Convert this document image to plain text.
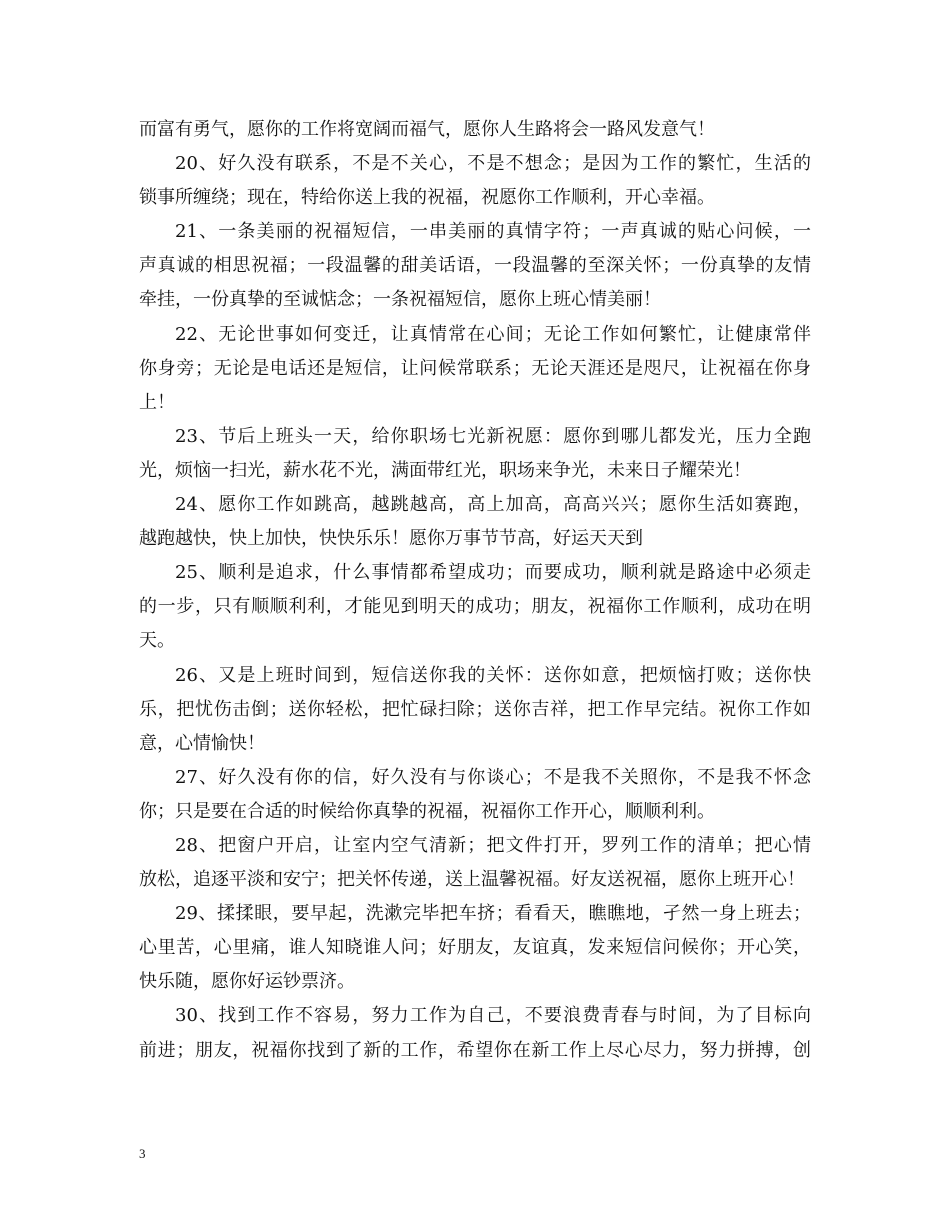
而富有勇气，愿你的工作将宽阔而福气，愿你人生路将会一路风发意气！
20、好久没有联系，不是不关心，不是不想念；是因为工作的繁忙，生活的
锁事所缠绕；现在，特给你送上我的祝福，祝愿你工作顺利，开心幸福。
21、一条美丽的祝福短信，一串美丽的真情字符；一声真诚的贴心问候，一
声真诚的相思祝福；一段温馨的甜美话语，一段温馨的至深关怀；一份真挚的友情
牵挂，一份真挚的至诚惦念；一条祝福短信，愿你上班心情美丽！
22、无论世事如何变迁，让真情常在心间；无论工作如何繁忙，让健康常伴
你身旁；无论是电话还是短信，让问候常联系；无论天涯还是咫尺，让祝福在你身
上！
23、节后上班头一天，给你职场七光新祝愿：愿你到哪儿都发光，压力全跑
光，烦恼一扫光，薪水花不光，满面带红光，职场来争光，未来日子耀荣光！
24、愿你工作如跳高，越跳越高，高上加高，高高兴兴；愿你生活如赛跑，
越跑越快，快上加快，快快乐乐！愿你万事节节高，好运天天到
25、顺利是追求，什么事情都希望成功；而要成功，顺利就是路途中必须走
的一步，只有顺顺利利，才能见到明天的成功；朋友，祝福你工作顺利，成功在明
天。
26、又是上班时间到，短信送你我的关怀：送你如意，把烦恼打败；送你快
乐，把忧伤击倒；送你轻松，把忙碌扫除；送你吉祥，把工作早完结。祝你工作如
意，心情愉快！
27、好久没有你的信，好久没有与你谈心；不是我不关照你，不是我不怀念
你；只是要在合适的时候给你真挚的祝福，祝福你工作开心，顺顺利利。
28、把窗户开启，让室内空气清新；把文件打开，罗列工作的清单；把心情
放松，追逐平淡和安宁；把关怀传递，送上温馨祝福。好友送祝福，愿你上班开心！
29、揉揉眼，要早起，洗漱完毕把车挤；看看天，瞧瞧地，孑然一身上班去；
心里苦，心里痛，谁人知晓谁人问；好朋友，友谊真，发来短信问候你；开心笑，
快乐随，愿你好运钞票济。
30、找到工作不容易，努力工作为自己，不要浪费青春与时间，为了目标向
前进；朋友，祝福你找到了新的工作，希望你在新工作上尽心尽力，努力拼搏，创
3
